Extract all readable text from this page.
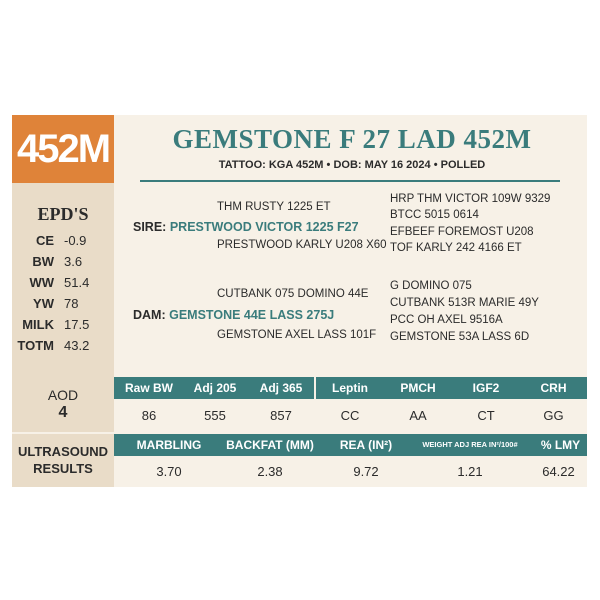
452M
EPD'S
CE -0.9
BW 3.6
WW 51.4
YW 78
MILK 17.5
TOTM 43.2
GEMSTONE F 27 LAD 452M
TATTOO: KGA 452M • DOB: MAY 16 2024 • POLLED
THM RUSTY 1225 ET
SIRE: PRESTWOOD VICTOR 1225 F27
PRESTWOOD KARLY U208 X60
HRP THM VICTOR 109W 9329
BTCC 5015 0614
EFBEEF FOREMOST U208
TOF KARLY 242 4166 ET
CUTBANK 075 DOMINO 44E
DAM: GEMSTONE 44E LASS 275J
GEMSTONE AXEL LASS 101F
G DOMINO 075
CUTBANK 513R MARIE 49Y
PCC OH AXEL 9516A
GEMSTONE 53A LASS 6D
AOD
4
Raw BW	Adj 205	Adj 365	Leptin	PMCH	IGF2	CRH
86	555	857	CC	AA	CT	GG
ULTRASOUND
RESULTS
MARBLING	BACKFAT (MM)	REA (IN²)	WEIGHT ADJ REA IN²/100#	% LMY
3.70	2.38	9.72	1.21	64.22
